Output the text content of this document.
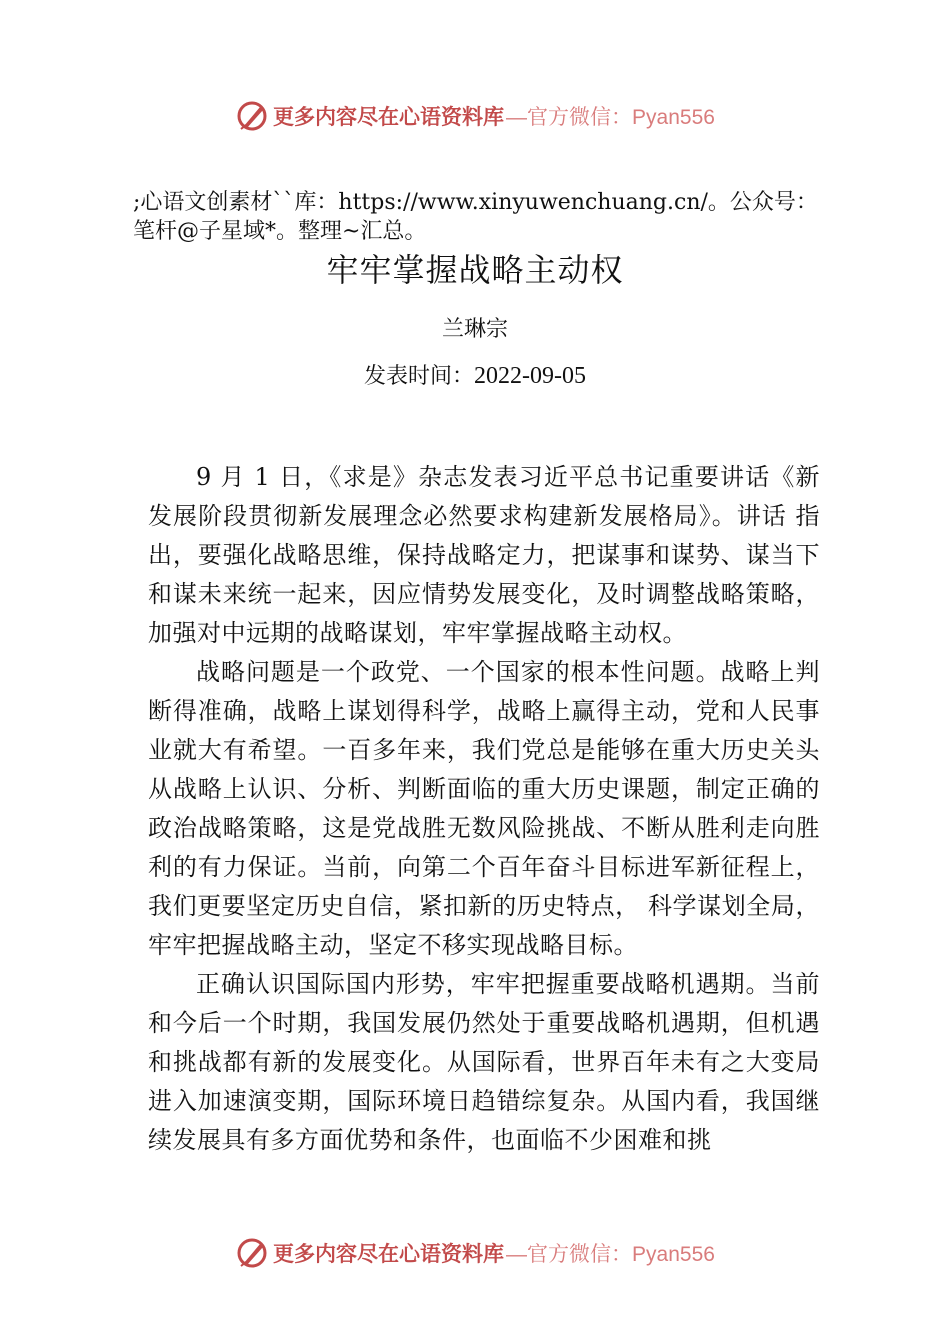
更多内容尽在心语资料库 —官方微信：Pyan556
;心语文创素材``库：https://www.xinyuwenchuang.cn/。公众号：笔杆@子星域*。整理~汇总。
牢牢掌握战略主动权
兰琳宗
发表时间：2022-09-05

9 月 1 日，《求是》杂志发表习近平总书记重要讲话《新发展阶段贯彻新发展理念必然要求构建新发展格局》。讲话 指出，要强化战略思维，保持战略定力，把谋事和谋势、谋当下和谋未来统一起来，因应情势发展变化，及时调整战略策略，加强对中远期的战略谋划，牢牢掌握战略主动权。

战略问题是一个政党、一个国家的根本性问题。战略上判断得准确，战略上谋划得科学，战略上赢得主动，党和人民事业就大有希望。一百多年来，我们党总是能够在重大历史关头从战略上认识、分析、判断面临的重大历史课题，制定正确的政治战略策略，这是党战胜无数风险挑战、不断从胜利走向胜利的有力保证。当前，向第二个百年奋斗目标进军新征程上，我们更要坚定历史自信，紧扣新的历史特点， 科学谋划全局，牢牢把握战略主动，坚定不移实现战略目标。

正确认识国际国内形势，牢牢把握重要战略机遇期。当前和今后一个时期，我国发展仍然处于重要战略机遇期，但机遇和挑战都有新的发展变化。从国际看，世界百年未有之大变局进入加速演变期，国际环境日趋错综复杂。从国内看，我国继续发展具有多方面优势和条件，也面临不少困难和挑

更多内容尽在心语资料库 —官方微信：Pyan556
